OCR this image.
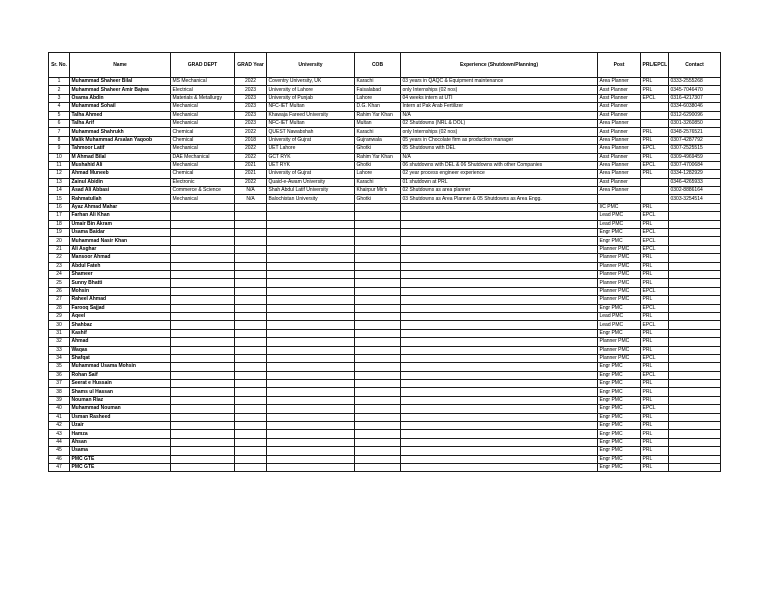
Sr. No.	Name	GRAD DEPT	GRAD Year	University	COB	Experience (Shutdown/Planning)	Post	PRL/EPCL	Contact
1	Muhammad Shaheer Bilal	MS Mechanical	2022	Coventry University, UK	Karachi	03 years in QAQC & Equipment maintenance	Area Planner	PRL	0333-2555268
2	Muhammad Shaheer Amir Bajwa	Electrical	2023	University of Lahore	Faisalabad	only Internships (02 nos)	Asst Planner	PRL	0345-7046470
3	Osama Abdin	Materials & Metallurgy	2023	University of Punjab	Lahore	04 weeks intern at UTI	Asst Planner	EPCL	0316-4217307
4	Muhammad Sohail	Mechanical	2023	NFC-IET Multan	D.G. Khan	Intern at Pak Arab Fertilizer	Asst Planner		0334-6038046
5	Talha Ahmed	Mechanical	2023	Khawaja Fareed University	Rahim Yar Khan	N/A	Asst Planner		0312-6290096
6	Talha Arif	Mechanical	2023	NFC-IET Multan	Multan	02 Shutdowns (NRL & DOL)	Area Planner		0301-3260850
7	Muhammad Shahrukh	Chemical	2022	QUEST Nawabshah	Karachi	only Internships (02 nos)	Asst Planner	PRL	0348-2576521
8	Malik Muhammad Arsalan Yaqoob	Chemical	2018	University of Gujrat	Gujranwala	05 years in Chocolate firm as production manager	Area Planner	PRL	0307-4287792
9	Tahmoor Latif	Mechanical	2022	UET Lahore	Ghotki	05 Shutdowns with DEL	Area Planner	EPCL	0307-2525515
10	M Ahmad Bilal	DAE Mechanical	2022	GCT RYK	Rahim Yar Khan	N/A	Asst Planner	PRL	0309-4969459
11	Mushahid Ali	Mechanical	2021	UET RYK	Ghotki	06 shutdowns with DEL & 06 Shutdowns with other Companies	Area Planner	EPCL	0307-4700684
12	Ahmad Muneeb	Chemical	2021	University of Gujrat	Lahore	02 year process engineer experience	Area Planner	PRL	0334-1282929
13	Zainul Abidin	Electronic	2022	Quaid-e-Awam University	Karachi	01 shutdown at PRL	Asst Planner		0346-4265933
14	Asad Ali Abbasi	Commerce & Science	N/A	Shah Abdul Latif University	Khairpur Mir's	02 Shutdowns as area planner	Area Planner		0302-8886164
15	Rahmatullah	Mechanical	N/A	Balochistan University	Ghotki	03 Shutdowns as Area Planner & 05 Shutdowns as Area Engg.			0303-3254514
16	Ayaz Ahmad Mahar						I/C PMC	PRL	
17	Farhan Ali Khan						Lead PMC	EPCL	
18	Umair Bin Akram						Lead PMC	PRL	
19	Usama Baidar						Engr PMC	EPCL	
20	Muhammad Nasir Khan						Engr PMC	EPCL	
21	Ali Asghar						Planner PMC	EPCL	
22	Mansoor Ahmad						Planner PMC	PRL	
23	Abdul Fateh						Planner PMC	PRL	
24	Shameer						Planner PMC	PRL	
25	Sunny Bhatti						Planner PMC	PRL	
26	Mohsin						Planner PMC	EPCL	
27	Raheel Ahmad						Planner PMC	PRL	
28	Farooq Sajjad						Engr PMC	EPCL	
29	Aqeel						Lead PMC	PRL	
30	Shahbaz						Lead PMC	EPCL	
31	Kashif						Engr PMC	PRL	
32	Ahmad						Planner PMC	PRL	
33	Waqas						Planner PMC	PRL	
34	Shafqat						Planner PMC	EPCL	
35	Muhammad Usama Mohsin						Engr PMC	PRL	
36	Rohan Saif						Engr PMC	EPCL	
37	Seerat e Hussain						Engr PMC	PRL	
38	Shams ul Hassan						Engr PMC	PRL	
39	Nouman Riaz						Engr PMC	PRL	
40	Muhammad Nouman						Engr PMC	EPCL	
41	Usman Rasheed						Engr PMC	PRL	
42	Uzair						Engr PMC	PRL	
43	Hamza						Engr PMC	PRL	
44	Ahsan						Engr PMC	PRL	
45	Usama						Engr PMC	PRL	
46	PMC GTE						Engr PMC	PRL	
47	PMC GTE						Engr PMC	PRL	
